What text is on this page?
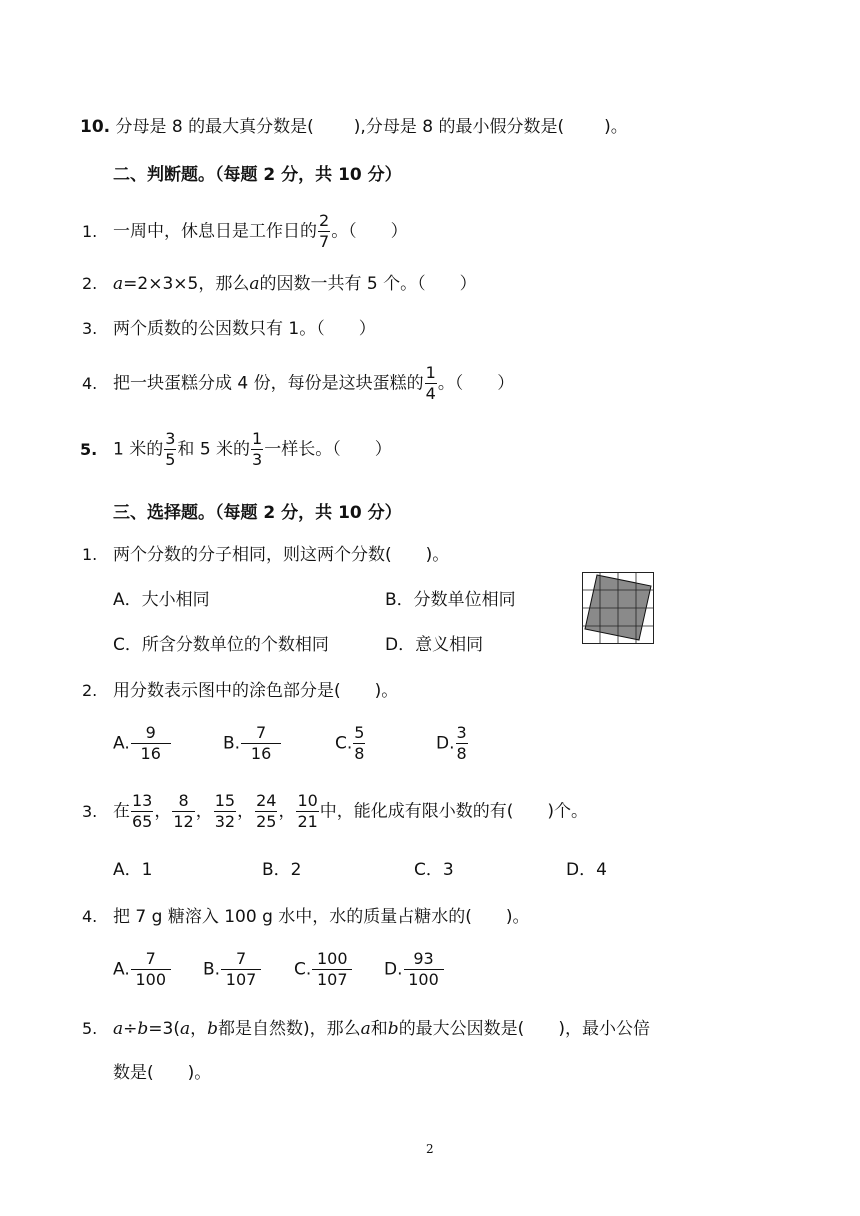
10. 分母是 8 的最大真分数是( ),分母是 8 的最小假分数是( )。
二、判断题。（每题 2 分，共 10 分）
1. 一周中，休息日是工作日的 $\frac{2}{7}$ 。（　　）
2. a=2×3×5，那么a的因数一共有 5 个。（　　）
3. 两个质数的公因数只有 1。（　　）
4. 把一块蛋糕分成 4 份，每份是这块蛋糕的 $\frac{1}{4}$ 。（　　）
5. 1 米的 $\frac{3}{5}$ 和 5 米的 $\frac{1}{3}$ 一样长。（　　）
三、选择题。（每题 2 分，共 10 分）
1. 两个分数的分子相同，则这两个分数(　　)。
A．大小相同	B．分数单位相同
C．所含分数单位的个数相同	D．意义相同
2. 用分数表示图中的涂色部分是(　　)。
A. $\frac{9}{16}$	B. $\frac{7}{16}$	C. $\frac{5}{8}$	D. $\frac{3}{8}$
3. 在 $\frac{13}{65}$ ， $\frac{8}{12}$ ， $\frac{15}{32}$ ， $\frac{24}{25}$ ， $\frac{10}{21}$ 中，能化成有限小数的有(　　)个。
A．1	B．2	C．3	D．4
4. 把 7 g 糖溶入 100 g 水中，水的质量占糖水的(　　)。
A. $\frac{7}{100} B$. $\frac{7}{107} C$. $\frac{100}{107} D$. $\frac{93}{100}$
5. a÷b=3(a，b都是自然数)，那么a和b的最大公因数是(　　)，最小公倍
数是(　　)。
2
